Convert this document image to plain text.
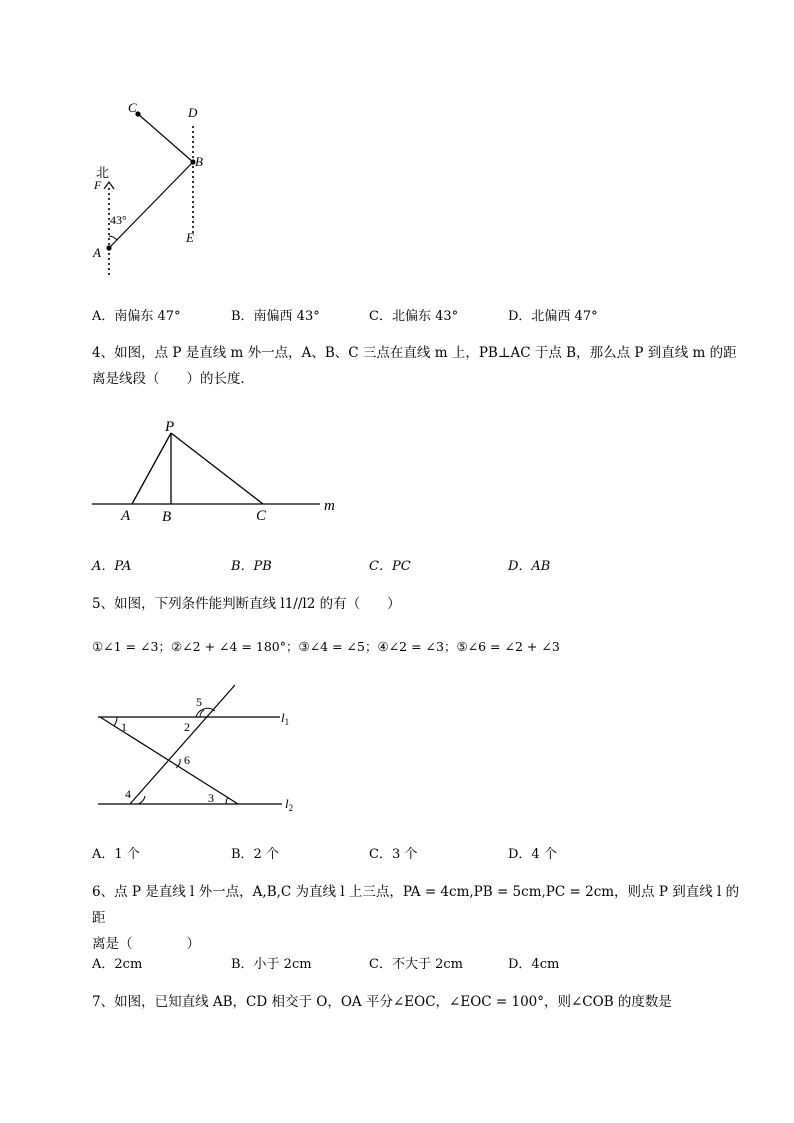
C	D
B
北
F
43°
A
E
A．南偏东 47°	B．南偏西 43°	C．北偏东 43°	D．北偏西 47°
4、如图，点 P 是直线 m 外一点，A、B、C 三点在直线 m 上，PB⊥AC 于点 B，那么点 P 到直线 m 的距
离是线段（　　）的长度．
P
A B	C
m
A．PA	B．PB	C．PC	D．AB
5、如图，下列条件能判断直线 l1//l2 的有（　　）
①∠1 = ∠3；②∠2 + ∠4 = 180°；③∠4 = ∠5；④∠2 = ∠3；⑤∠6 = ∠2 + ∠3
1	2
5
6
4	3
$l_1$
$l_2$
A．1 个	B．2 个	C．3 个	D．4 个
6、点 P 是直线 l 外一点，A,B,C 为直线 l 上三点，PA = 4cm,PB = 5cm,PC = 2cm，则点 P 到直线 l 的距
离是（　　　　）
A．2cm	B．小于 2cm	C．不大于 2cm	D．4cm
7、如图，已知直线 AB，CD 相交于 O，OA 平分∠EOC，∠EOC = 100°，则∠COB 的度数是
